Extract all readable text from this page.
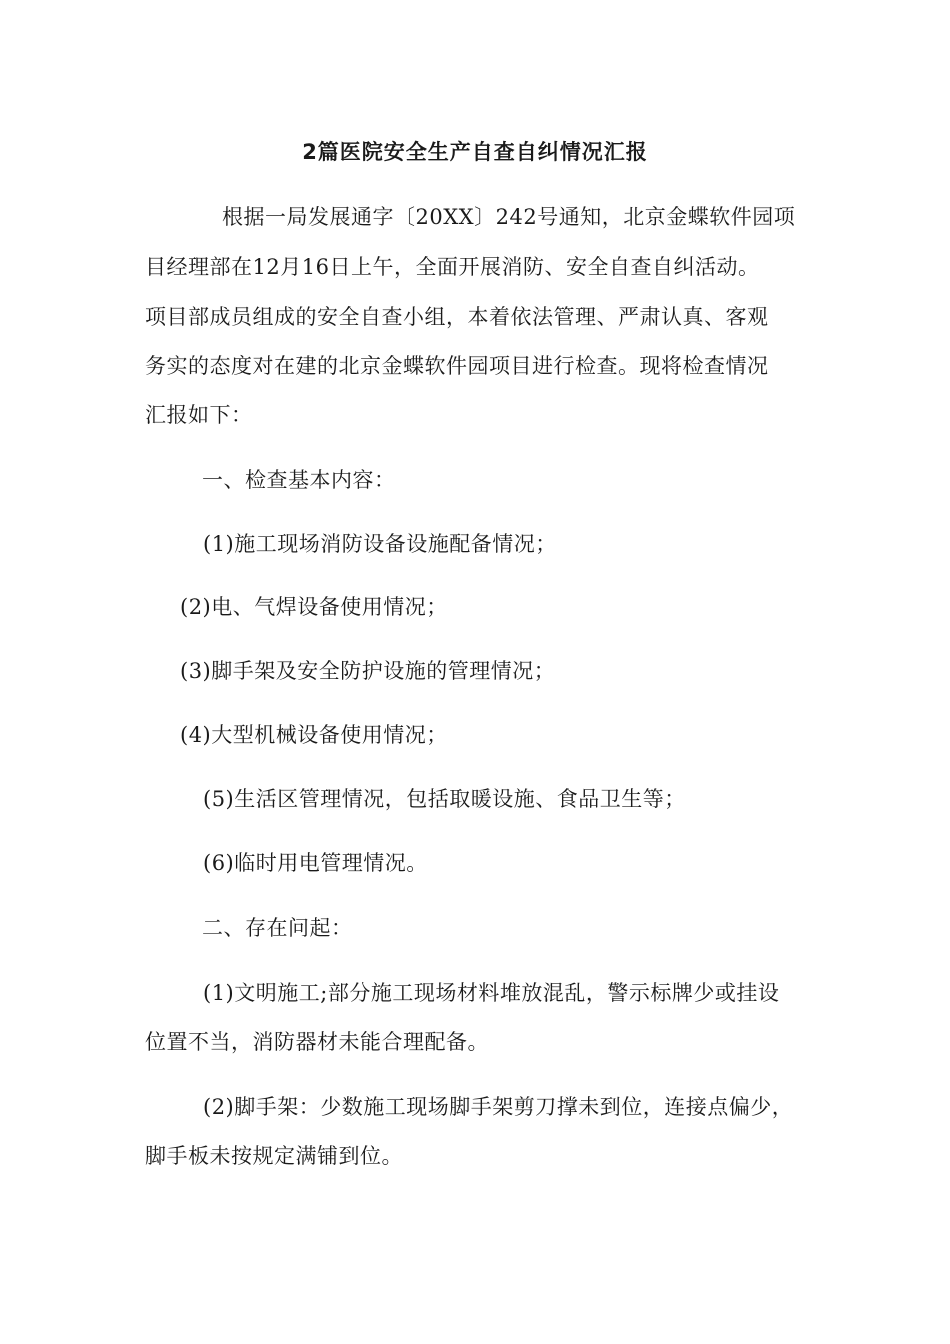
2篇医院安全生产自查自纠情况汇报
根据一局发展通字〔20XX〕242号通知，北京金蝶软件园项
目经理部在12月16日上午，全面开展消防、安全自查自纠活动。
项目部成员组成的安全自查小组，本着依法管理、严肃认真、客观
务实的态度对在建的北京金蝶软件园项目进行检查。现将检查情况
汇报如下：
一、检查基本内容：
(1)施工现场消防设备设施配备情况；
(2)电、气焊设备使用情况；
(3)脚手架及安全防护设施的管理情况；
(4)大型机械设备使用情况；
(5)生活区管理情况，包括取暖设施、食品卫生等；
(6)临时用电管理情况。
二、存在问起：
(1)文明施工;部分施工现场材料堆放混乱，警示标牌少或挂设
位置不当，消防器材未能合理配备。
(2)脚手架：少数施工现场脚手架剪刀撑未到位，连接点偏少，
脚手板未按规定满铺到位。
